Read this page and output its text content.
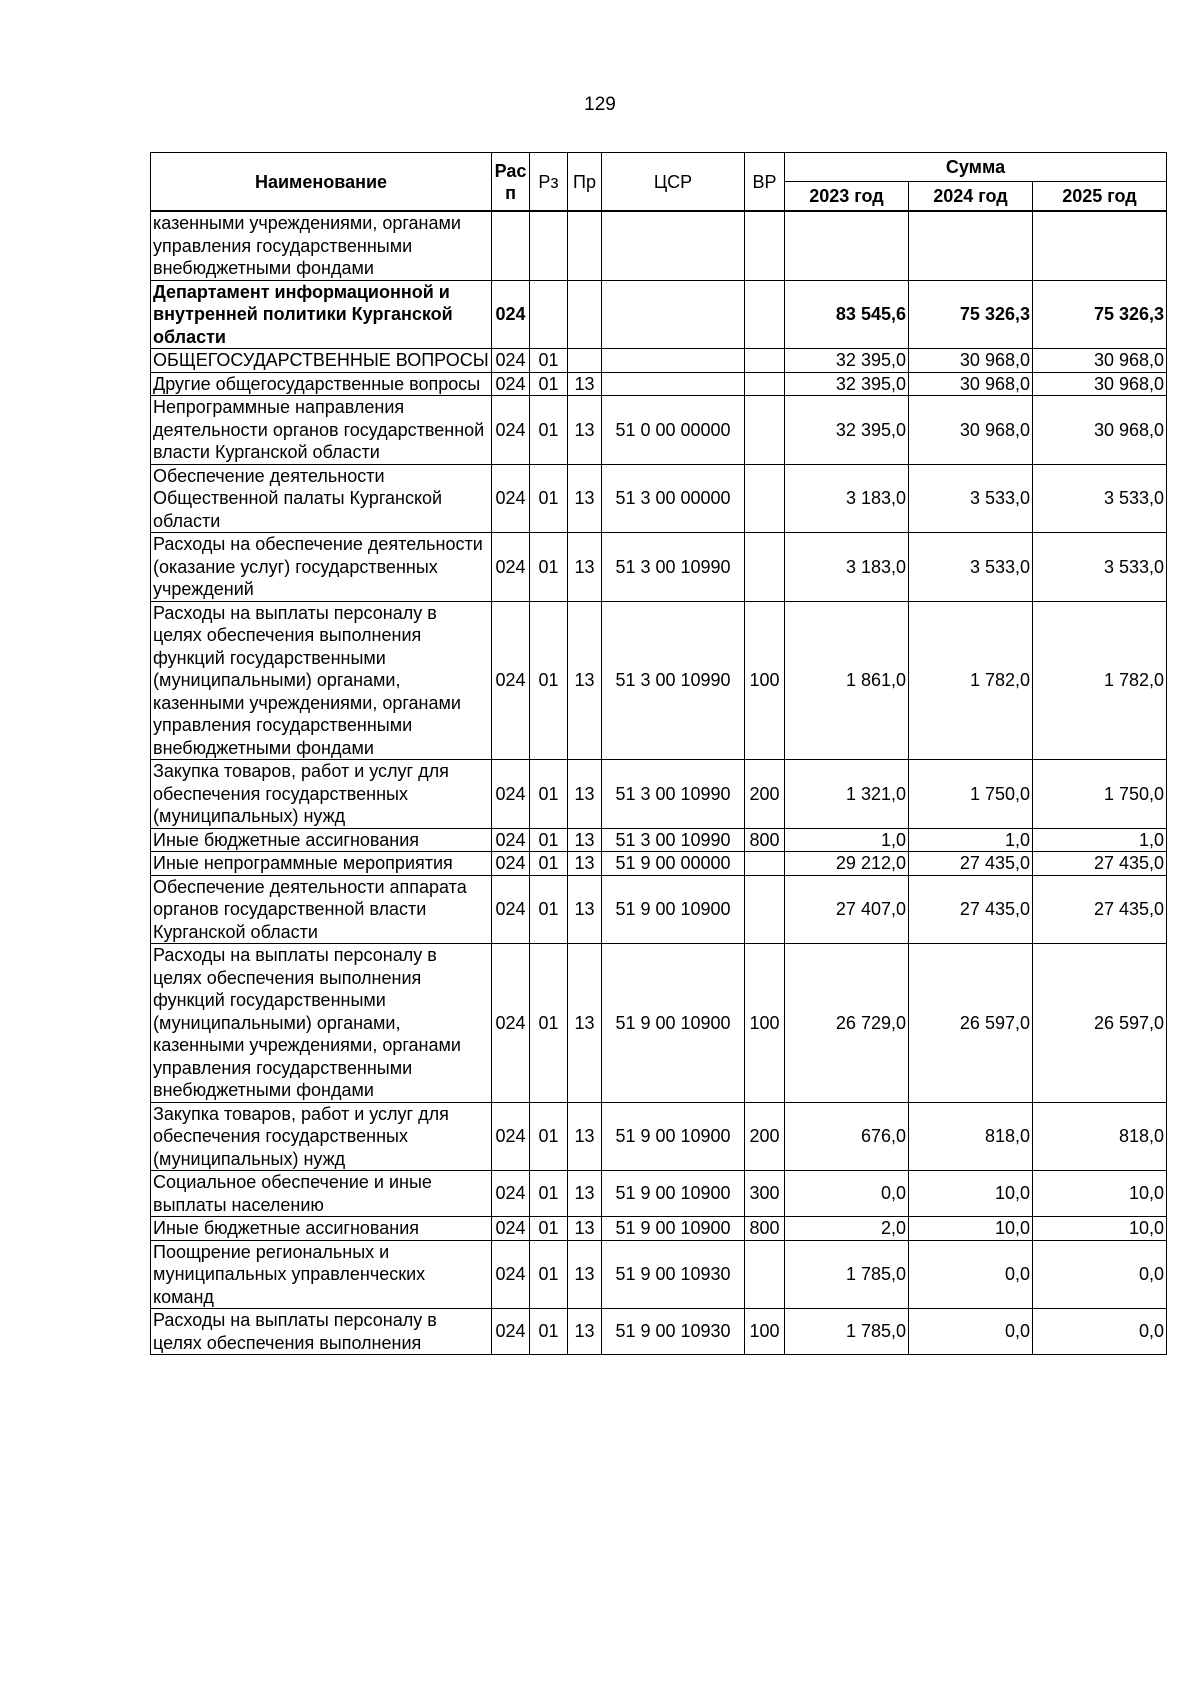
129
Наименование	Рас п	Рз	Пр	ЦСР	ВР	Сумма		
						2023 год	2024 год	2025 год
казенными учреждениями, органами управления государственными внебюджетными фондами								
Департамент информационной и внутренней политики Курганской области	024					83 545,6	75 326,3	75 326,3
ОБЩЕГОСУДАРСТВЕННЫЕ ВОПРОСЫ	024	01				32 395,0	30 968,0	30 968,0
Другие общегосударственные вопросы	024	01	13			32 395,0	30 968,0	30 968,0
Непрограммные направления деятельности органов государственной власти Курганской области	024	01	13	51 0 00 00000		32 395,0	30 968,0	30 968,0
Обеспечение деятельности Общественной палаты Курганской области	024	01	13	51 3 00 00000		3 183,0	3 533,0	3 533,0
Расходы на обеспечение деятельности (оказание услуг) государственных учреждений	024	01	13	51 3 00 10990		3 183,0	3 533,0	3 533,0
Расходы на выплаты персоналу в целях обеспечения выполнения функций государственными (муниципальными) органами, казенными учреждениями, органами управления государственными внебюджетными фондами	024	01	13	51 3 00 10990	100	1 861,0	1 782,0	1 782,0
Закупка товаров, работ и услуг для обеспечения государственных (муниципальных) нужд	024	01	13	51 3 00 10990	200	1 321,0	1 750,0	1 750,0
Иные бюджетные ассигнования	024	01	13	51 3 00 10990	800	1,0	1,0	1,0
Иные непрограммные мероприятия	024	01	13	51 9 00 00000		29 212,0	27 435,0	27 435,0
Обеспечение деятельности аппарата органов государственной власти Курганской области	024	01	13	51 9 00 10900		27 407,0	27 435,0	27 435,0
Расходы на выплаты персоналу в целях обеспечения выполнения функций государственными (муниципальными) органами, казенными учреждениями, органами управления государственными внебюджетными фондами	024	01	13	51 9 00 10900	100	26 729,0	26 597,0	26 597,0
Закупка товаров, работ и услуг для обеспечения государственных (муниципальных) нужд	024	01	13	51 9 00 10900	200	676,0	818,0	818,0
Социальное обеспечение и иные выплаты населению	024	01	13	51 9 00 10900	300	0,0	10,0	10,0
Иные бюджетные ассигнования	024	01	13	51 9 00 10900	800	2,0	10,0	10,0
Поощрение региональных и муниципальных управленческих команд	024	01	13	51 9 00 10930		1 785,0	0,0	0,0
Расходы на выплаты персоналу в целях обеспечения выполнения	024	01	13	51 9 00 10930	100	1 785,0	0,0	0,0
